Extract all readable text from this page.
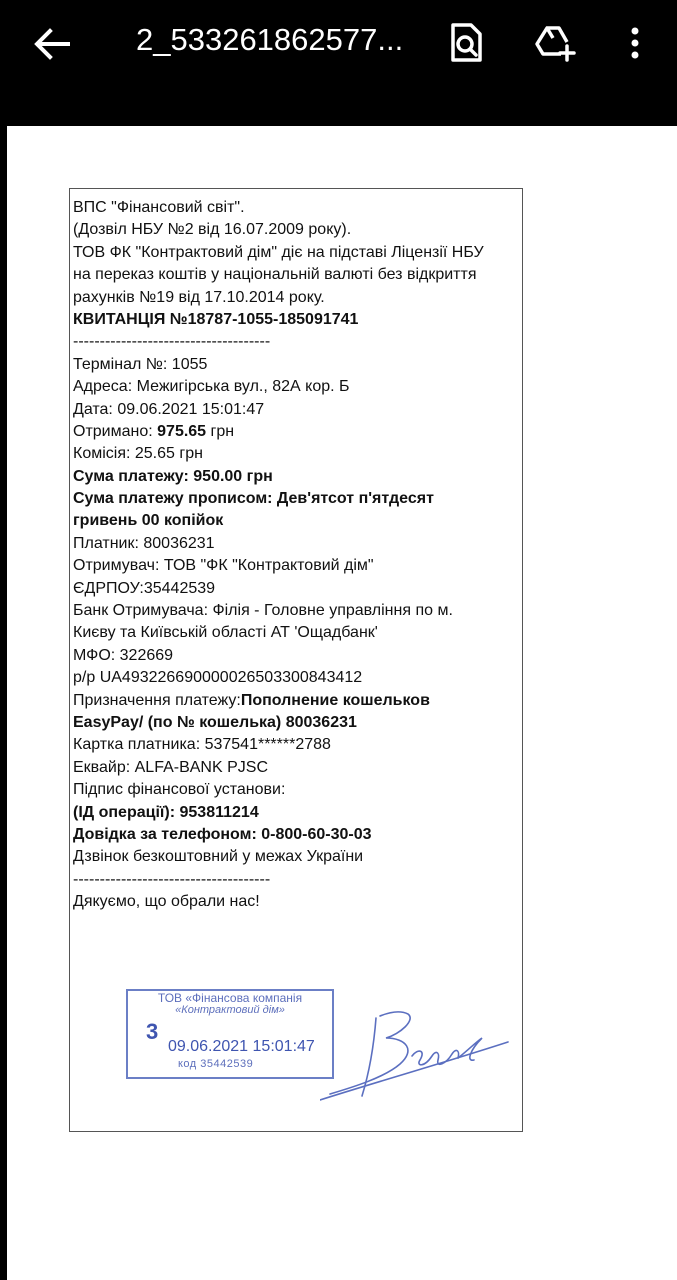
2_533261862577...
ВПС "Фінансовий світ".
(Дозвіл НБУ №2 від 16.07.2009 року).
ТОВ ФК "Контрактовий дім" діє на підставі Ліцензії НБУ
на переказ коштів у національній валюті без відкриття
рахунків №19 від 17.10.2014 року.
КВИТАНЦІЯ №18787-1055-185091741
-------------------------------------
Термінал №: 1055
Адреса: Межигірська вул., 82А кор. Б
Дата: 09.06.2021 15:01:47
Отримано: 975.65 грн
Комісія: 25.65 грн
Сума платежу: 950.00 грн
Сума платежу прописом: Дев'ятсот п'ятдесят
гривень 00 копійок
Платник: 80036231
Отримувач: ТОВ "ФК "Контрактовий дім"
ЄДРПОУ:35442539
Банк Отримувача: Філія - Головне управління по м.
Києву та Київській області АТ 'Ощадбанк'
МФО: 322669
р/р UA493226690000026503300843412
Призначення платежу:Пополнение кошельков
EasyPay/ (по № кошелька) 80036231
Картка платника: 537541******2788
Еквайр: ALFA-BANK PJSC
Підпис фінансової установи:
(ІД операції): 953811214
Довідка за телефоном: 0-800-60-30-03
Дзвінок безкоштовний у межах України
-------------------------------------
Дякуємо, що обрали нас!
ТОВ «Фінансова компанія
«Контрактовий дім»
3
09.06.2021 15:01:47
код 35442539
